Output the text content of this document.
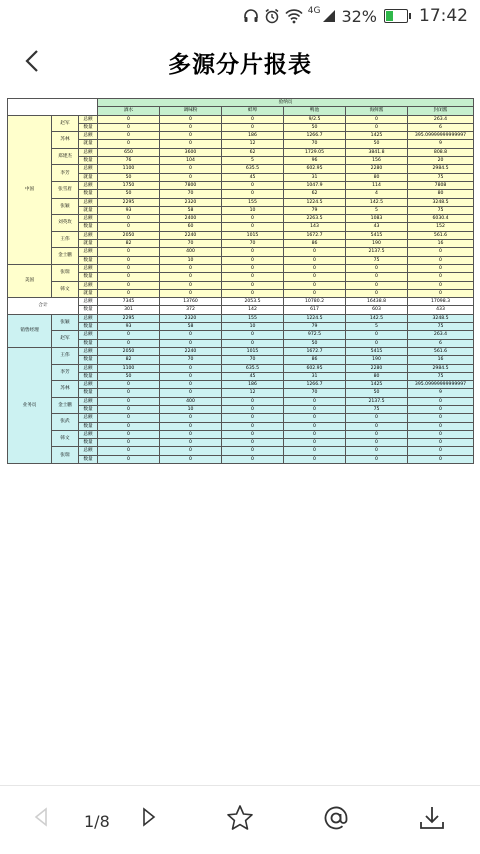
4G 32% 17:42
多源分片报表
			验纳员					
			酒水	调味粉	蚌埠	鸭池	海鲜酱	封闭酱
中国	赵军	总额	0	0	0	9/2.5	0	263.4
		数量	0	0	0	50	0	6
	苏林	总额	0	0	186	1266.7	1425	395.09999999999997
		就量	0	0	12	70	50	9
	郑建杰	总额	650	3600	62	1729.05	3841.8	808.8
		数量	76	104	5	96	156	20
	李芳	总额	1100	0	635.5	602.95	2280	2984.5
		就量	50	0	45	31	80	75
	张雪眉	总额	1750	7800	0	1047.9	114	7808
		数量	50	70	0	62	4	80
	张颖	总额	2295	2320	155	1224.5	142.5	3248.5
		就量	93	58	10	79	5	75
	刘英玫	总额	0	2400	0	2263.5	1083	6030.4
		数量	0	60	0	143	43	152
	王伟	总额	2050	2240	1015	1672.7	5415	561.6
		就量	82	70	70	86	190	16
	金士鹏	总额	0	400	0	0	2137.5	0
		数量	0	10	0	0	75	0
美国	张瑞	总额	0	0	0	0	0	0
		数量	0	0	0	0	0	0
	韩文	总额	0	0	0	0	0	0
		就量	0	0	0	0	0	0
合计		总额	7345	13760	2053.5	10780.2	16438.8	17098.3
		数量	301	372	142	617	603	433
销售经理	张颖	总额	2295	2320	155	1224.5	142.5	3248.5
		数量	93	58	10	79	5	75
	赵军	总额	0	0	0	972.5	0	263.4
		数量	0	0	0	50	0	6
业务员	王伟	总额	2050	2240	1015	1672.7	5415	561.6
		数量	82	70	70	86	190	16
	李芳	总额	1100	0	635.5	602.95	2280	2984.5
		数量	50	0	45	31	80	75
	苏林	总额	0	0	186	1266.7	1425	395.09999999999997
		数量	0	0	12	70	50	9
	金士鹏	总额	0	400	0	0	2137.5	0
		数量	0	10	0	0	75	0
	张武	总额	0	0	0	0	0	0
		数量	0	0	0	0	0	0
	韩文	总额	0	0	0	0	0	0
		数量	0	0	0	0	0	0
	张瑞	总额	0	0	0	0	0	0
		数量	0	0	0	0	0	0
1/8
